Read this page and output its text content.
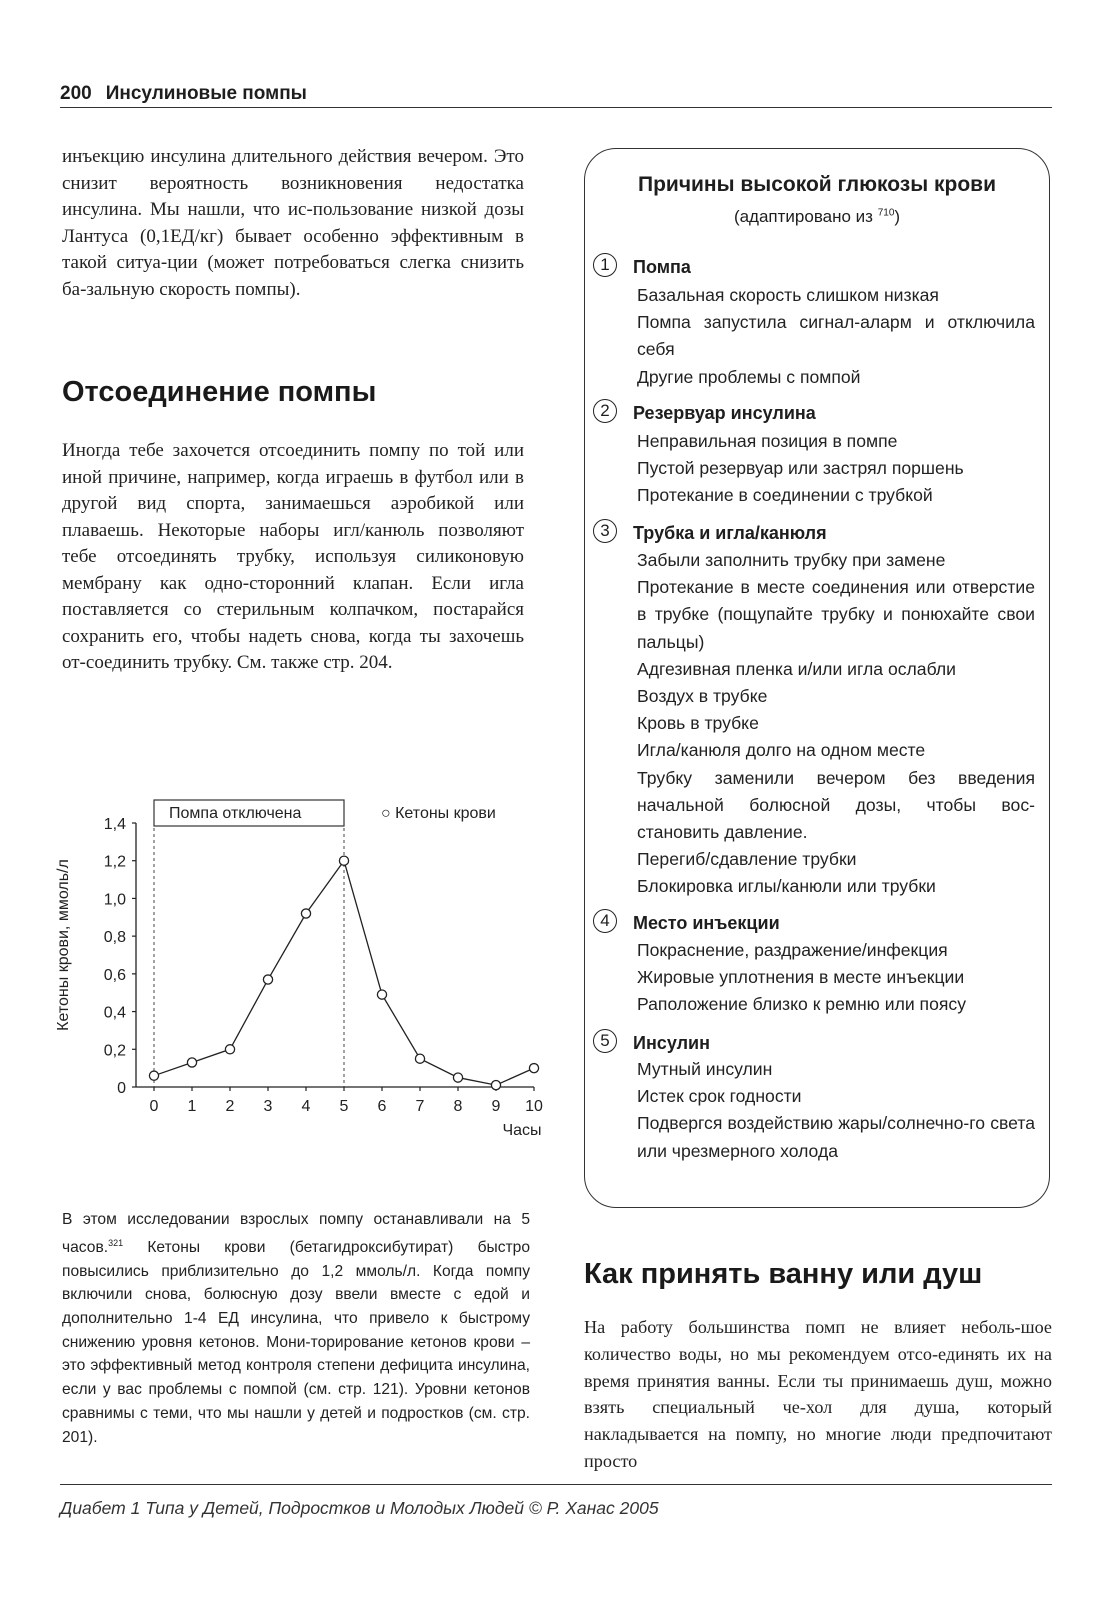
200 Инсулиновые помпы

инъекцию инсулина длительного действия вечером. Это снизит вероятность возникновения недостатка инсулина. Мы нашли, что ис-пользование низкой дозы Лантуса (0,1ЕД/кг) бывает особенно эффективным в такой ситуа-ции (может потребоваться слегка снизить ба-зальную скорость помпы).

Отсоединение помпы

Иногда тебе захочется отсоединить помпу по той или иной причине, например, когда играешь в футбол или в другой вид спорта, занимаешься аэробикой или плаваешь. Некоторые наборы игл/канюль позволяют тебе отсоединять трубку, используя силиконовую мембрану как одно-сторонний клапан. Если игла поставляется со стерильным колпачком, постарайся сохранить его, чтобы надеть снова, когда ты захочешь от-соединить трубку. См. также стр. 204.

0
0,2
0,4
0,6
0,8
1,0
1,2
1,4
0 1 2 3 4 5 6 7 8 9 10
Часы
Кетоны крови, ммоль/л
Помпа отключена	○ Кетоны крови

В этом исследовании взрослых помпу останавливали на 5 часов.$^{321}$ Кетоны крови (бетагидроксибутират) быстро повысились приблизительно до 1,2 ммоль/л. Когда помпу включили снова, болюсную дозу ввели вместе с едой и дополнительно 1-4 ЕД инсулина, что привело к быстрому снижению уровня кетонов. Мони-торирование кетонов крови – это эффективный метод контроля степени дефицита инсулина, если у вас проблемы с помпой (см. стр. 121). Уровни кетонов сравнимы с теми, что мы нашли у детей и подростков (см. стр. 201).

Причины высокой глюкозы крови
(адаптировано из $^{710}$)
1	Помпа
Базальная скорость слишком низкая
Помпа запустила сигнал-аларм и отключила себя
Другие проблемы с помпой
2	Резервуар инсулина
Неправильная позиция в помпе
Пустой резервуар или застрял поршень
Протекание в соединении с трубкой
3	Трубка и игла/канюля
Забыли заполнить трубку при замене
Протекание в месте соединения или отверстие в трубке (пощупайте трубку и понюхайте свои пальцы)
Адгезивная пленка и/или игла ослабли
Воздух в трубке
Кровь в трубке
Игла/канюля долго на одном месте
Трубку заменили вечером без введения начальной болюсной дозы, чтобы вос-становить давление.
Перегиб/сдавление трубки
Блокировка иглы/канюли или трубки
4	Место инъекции
Покраснение, раздражение/инфекция
Жировые уплотнения в месте инъекции
Раположение близко к ремню или поясу
5	Инсулин
Мутный инсулин
Истек срок годности
Подвергся воздействию жары/солнечно-го света или чрезмерного холода
Как принять ванну или душ

На работу большинства помп не влияет неболь-шое количество воды, но мы рекомендуем отсо-единять их на время принятия ванны. Если ты принимаешь душ, можно взять специальный че-хол для душа, который накладывается на помпу, но многие люди предпочитают просто

Диабет 1 Типа у Детей, Подростков и Молодых Людей © Р. Ханас 2005
